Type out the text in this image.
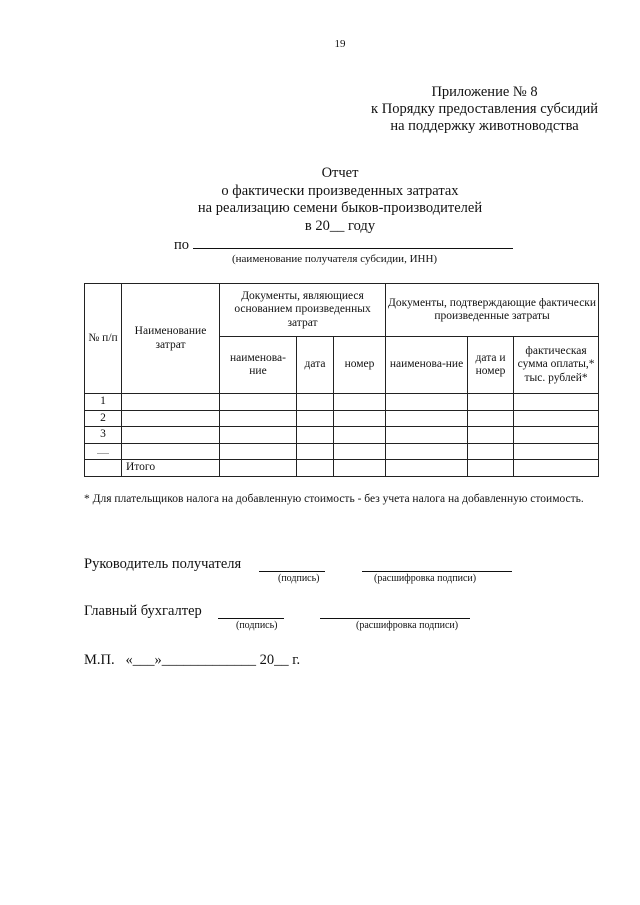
19
Приложение № 8
к Порядку предоставления субсидий
на поддержку животноводства
Отчет
о фактически произведенных затратах
на реализацию семени быков-производителей
в 20__ году
по
(наименование получателя субсидии, ИНН)
№ п/п	Наименование затрат	Документы, являющиеся основанием произведенных затрат			Документы, подтверждающие фактически произведенные затраты		
		наименова-ние	дата	номер	наименова-ние	дата и номер	фактическая сумма оплаты,* тыс. рублей*
1							
2							
3							
......							
	Итого						
* Для плательщиков налога на добавленную стоимость - без учета налога на добавленную стоимость.
Руководитель получателя
(подпись)	(расшифровка подписи)
Главный бухгалтер
(подпись)	(расшифровка подписи)
М.П.   «___»_____________ 20__ г.
